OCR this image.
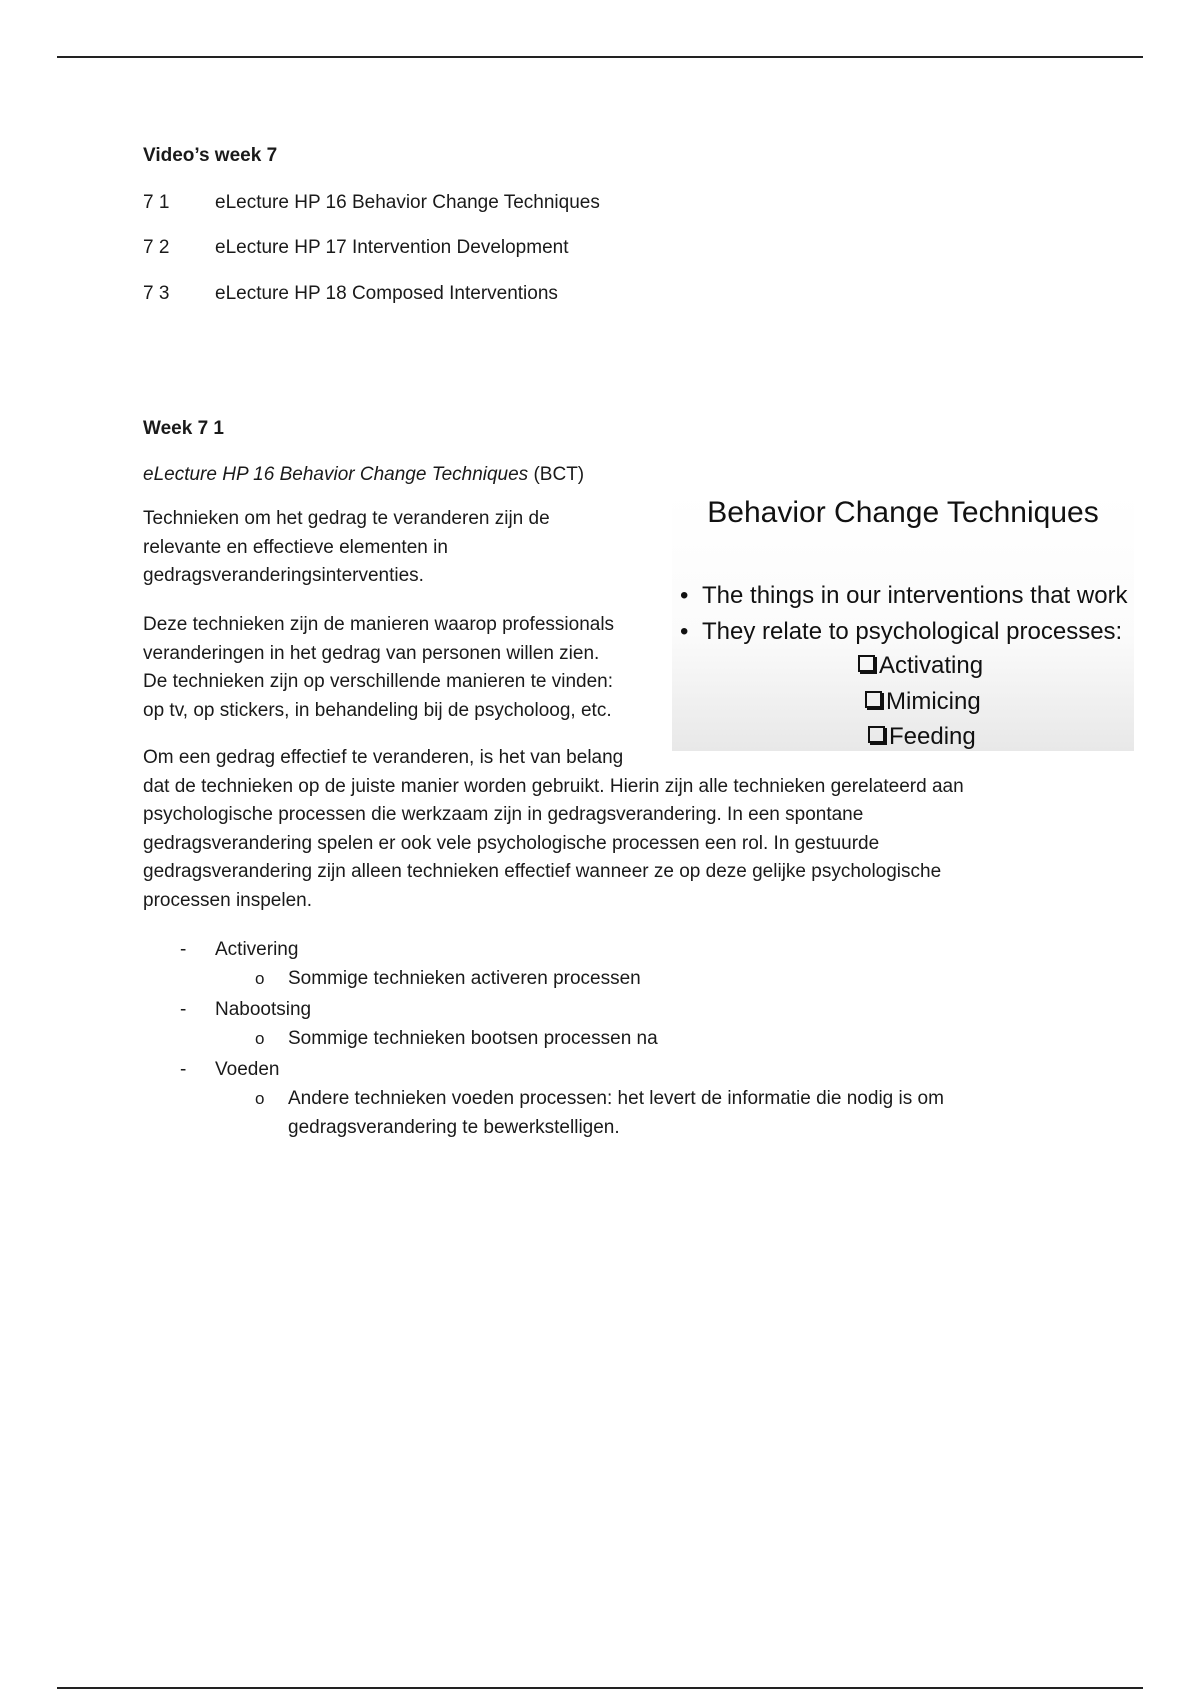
Video’s week 7
7 1 eLecture HP 16 Behavior Change Techniques
7 2 eLecture HP 17 Intervention Development
7 3 eLecture HP 18 Composed Interventions
Week 7 1
eLecture HP 16 Behavior Change Techniques (BCT)
Technieken om het gedrag te veranderen zijn de
relevante en effectieve elementen in
gedragsveranderingsinterventies.
Deze technieken zijn de manieren waarop professionals
veranderingen in het gedrag van personen willen zien.
De technieken zijn op verschillende manieren te vinden:
op tv, op stickers, in behandeling bij de psycholoog, etc.
Om een gedrag effectief te veranderen, is het van belang
dat de technieken op de juiste manier worden gebruikt. Hierin zijn alle technieken gerelateerd aan
psychologische processen die werkzaam zijn in gedragsverandering. In een spontane
gedragsverandering spelen er ook vele psychologische processen een rol. In gestuurde
gedragsverandering zijn alleen technieken effectief wanneer ze op deze gelijke psychologische
processen inspelen.
Behavior Change Techniques
• The things in our interventions that work
• They relate to psychological processes:
Activating
Mimicing
Feeding
- Activering
o Sommige technieken activeren processen
- Nabootsing
o Sommige technieken bootsen processen na
- Voeden
o Andere technieken voeden processen: het levert de informatie die nodig is om
gedragsverandering te bewerkstelligen.
